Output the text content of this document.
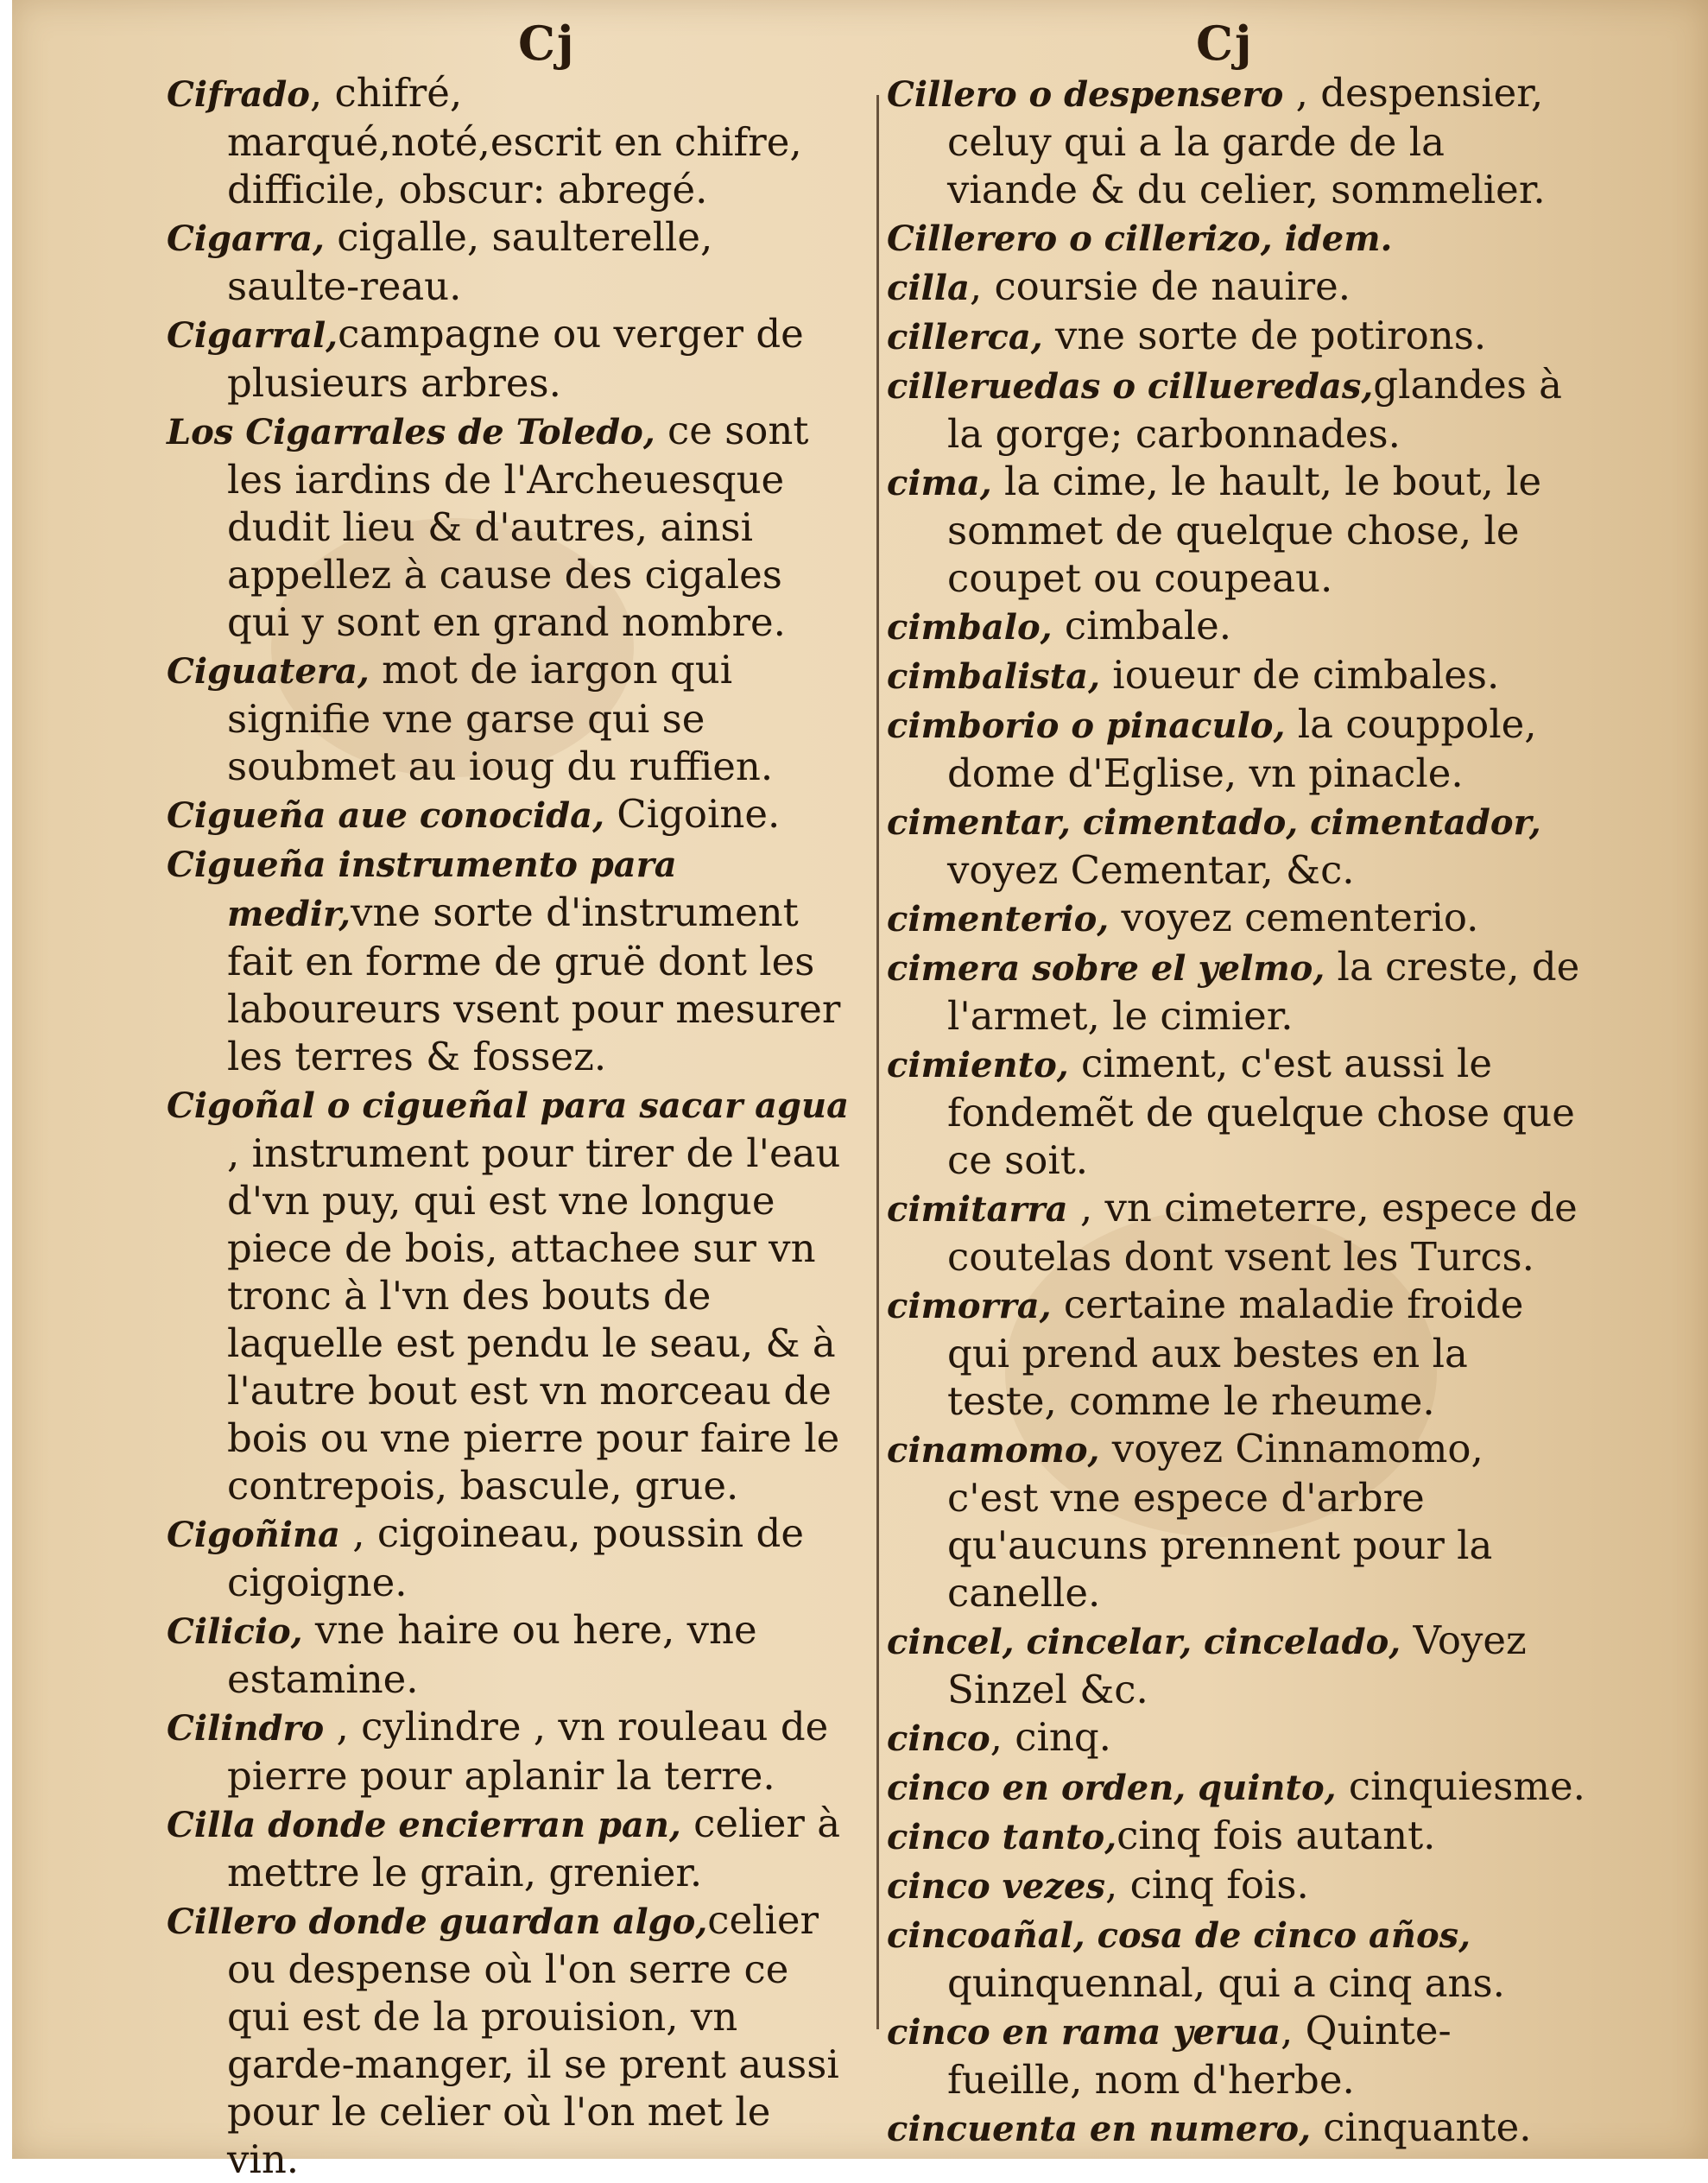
Cj	Cj

Cifrado, chifré, marqué,noté,escrit en chifre, difficile, obscur: abregé.

Cigarra, cigalle, saulterelle, saulte-reau.

Cigarral,campagne ou verger de plusieurs arbres.

Los Cigarrales de Toledo, ce sont les iardins de l'Archeuesque dudit lieu & d'autres, ainsi appellez à cause des cigales qui y sont en grand nombre.

Ciguatera, mot de iargon qui signifie vne garse qui se soubmet au ioug du ruffien.

Cigueña aue conocida, Cigoine.

Cigueña instrumento para medir,vne sorte d'instrument fait en forme de gruë dont les laboureurs vsent pour mesurer les terres & fossez.

Cigoñal o cigueñal para sacar agua , instrument pour tirer de l'eau d'vn puy, qui est vne longue piece de bois, attachee sur vn tronc à l'vn des bouts de laquelle est pendu le seau, & à l'autre bout est vn morceau de bois ou vne pierre pour faire le contrepois, bascule, grue.

Cigoñina , cigoineau, poussin de cigoigne.

Cilicio, vne haire ou here, vne estamine.

Cilindro , cylindre , vn rouleau de pierre pour aplanir la terre.

Cilla donde encierran pan, celier à mettre le grain, grenier.

Cillero donde guardan algo,celier ou despense où l'on serre ce qui est de la prouision, vn garde-manger, il se prent aussi pour le celier où l'on met le vin.

Cillero o despensero , despensier, celuy qui a la garde de la viande & du celier, sommelier.

Cillerero o cillerizo, idem.

cilla, coursie de nauire.

cillerca, vne sorte de potirons.

cilleruedas o cillueredas,glandes à la gorge; carbonnades.

cima, la cime, le hault, le bout, le sommet de quelque chose, le coupet ou coupeau.

cimbalo, cimbale.

cimbalista, ioueur de cimbales.

cimborio o pinaculo, la couppole, dome d'Eglise, vn pinacle.

cimentar, cimentado, cimentador, voyez Cementar, &c.

cimenterio, voyez cementerio.

cimera sobre el yelmo, la creste, de l'armet, le cimier.

cimiento, ciment, c'est aussi le fondemẽt de quelque chose que ce soit.

cimitarra , vn cimeterre, espece de coutelas dont vsent les Turcs.

cimorra, certaine maladie froide qui prend aux bestes en la teste, comme le rheume.

cinamomo, voyez Cinnamomo, c'est vne espece d'arbre qu'aucuns prennent pour la canelle.

cincel, cincelar, cincelado, Voyez Sinzel &c.

cinco, cinq.

cinco en orden, quinto, cinquiesme.

cinco tanto,cinq fois autant.

cinco vezes, cinq fois.

cincoañal, cosa de cinco años, quinquennal, qui a cinq ans.

cinco en rama yerua, Quinte-fueille, nom d'herbe.

cincuenta en numero, cinquante.
